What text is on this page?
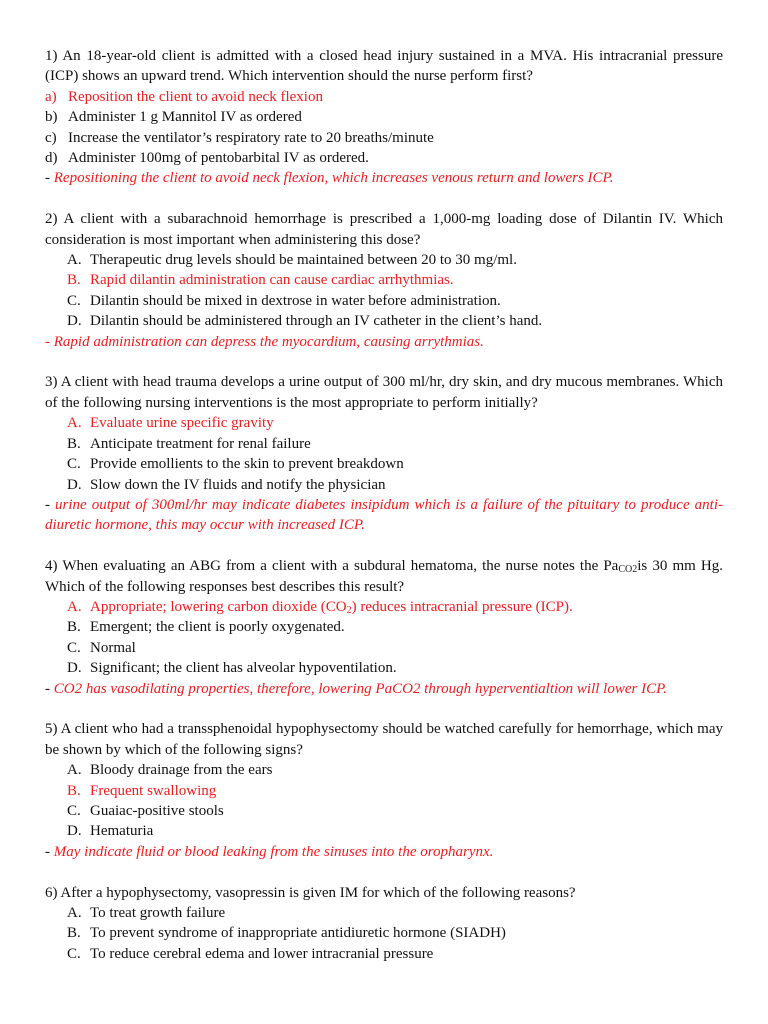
1) An 18-year-old client is admitted with a closed head injury sustained in a MVA. His intracranial pressure (ICP) shows an upward trend. Which intervention should the nurse perform first?

a) Reposition the client to avoid neck flexion
b) Administer 1 g Mannitol IV as ordered
c) Increase the ventilator’s respiratory rate to 20 breaths/minute
d) Administer 100mg of pentobarbital IV as ordered.

- Repositioning the client to avoid neck flexion, which increases venous return and lowers ICP.

2) A client with a subarachnoid hemorrhage is prescribed a 1,000-mg loading dose of Dilantin IV. Which consideration is most important when administering this dose?

A. Therapeutic drug levels should be maintained between 20 to 30 mg/ml.
B. Rapid dilantin administration can cause cardiac arrhythmias.
C. Dilantin should be mixed in dextrose in water before administration.
D. Dilantin should be administered through an IV catheter in the client’s hand.

- Rapid administration can depress the myocardium, causing arrythmias.

3) A client with head trauma develops a urine output of 300 ml/hr, dry skin, and dry mucous membranes. Which of the following nursing interventions is the most appropriate to perform initially?

A. Evaluate urine specific gravity
B. Anticipate treatment for renal failure
C. Provide emollients to the skin to prevent breakdown
D. Slow down the IV fluids and notify the physician

- urine output of 300ml/hr may indicate diabetes insipidum which is a failure of the pituitary to produce anti-diuretic hormone, this may occur with increased ICP.

4) When evaluating an ABG from a client with a subdural hematoma, the nurse notes the $Pa_{CO2}is$ 30 mm Hg. Which of the following responses best describes this result?

A. Appropriate; lowering carbon dioxide $(CO_2)$ reduces intracranial pressure (ICP).
B. Emergent; the client is poorly oxygenated.
C. Normal
D. Significant; the client has alveolar hypoventilation.

- CO2 has vasodilating properties, therefore, lowering PaCO2 through hyperventialtion will lower ICP.

5) A client who had a transsphenoidal hypophysectomy should be watched carefully for hemorrhage, which may be shown by which of the following signs?

A. Bloody drainage from the ears
B. Frequent swallowing
C. Guaiac-positive stools
D. Hematuria

- May indicate fluid or blood leaking from the sinuses into the oropharynx.

6) After a hypophysectomy, vasopressin is given IM for which of the following reasons?

A. To treat growth failure
B. To prevent syndrome of inappropriate antidiuretic hormone (SIADH)
C. To reduce cerebral edema and lower intracranial pressure
